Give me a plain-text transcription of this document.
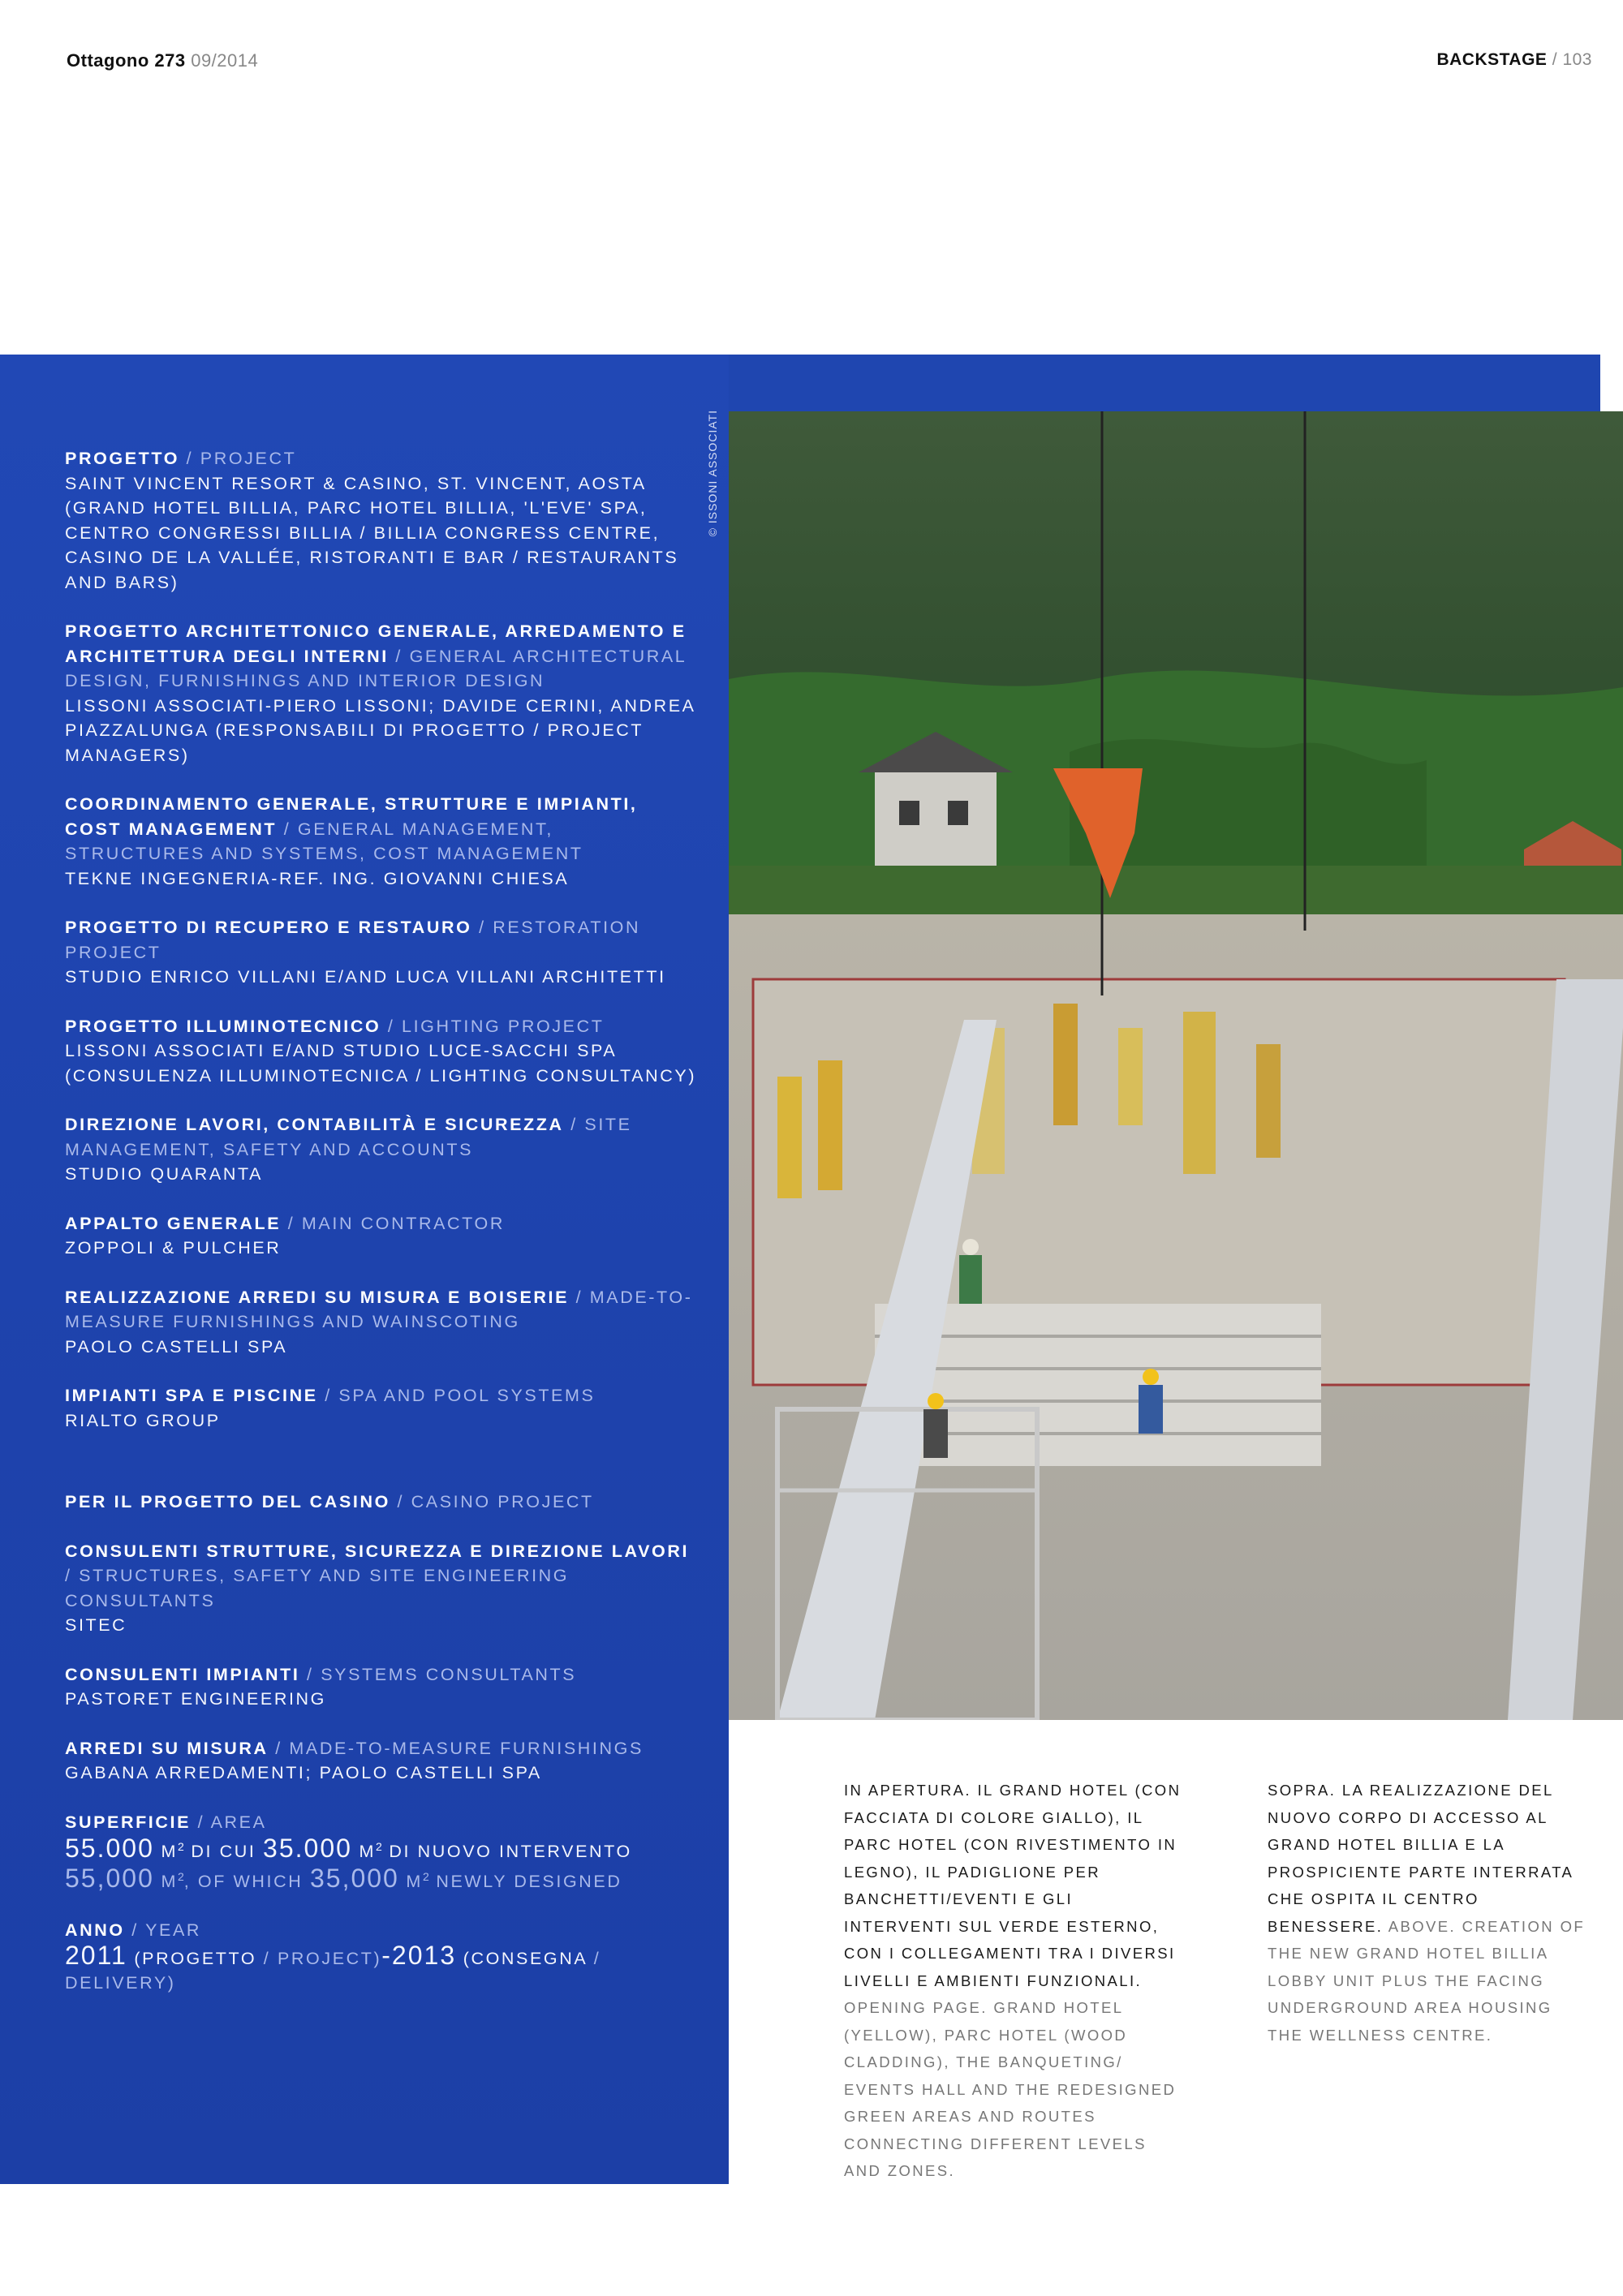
Ottagono 273 09/2014	BACKSTAGE / 103
© ISSONI ASSOCIATI

PROGETTO / PROJECT

SAINT VINCENT RESORT & CASINO, ST. VINCENT, AOSTA (GRAND HOTEL BILLIA, PARC HOTEL BILLIA, 'L'EVE' SPA, CENTRO CONGRESSI BILLIA / BILLIA CONGRESS CENTRE, CASINO DE LA VALLÉE, RISTORANTI E BAR / RESTAURANTS AND BARS)

PROGETTO ARCHITETTONICO GENERALE, ARREDAMENTO E ARCHITETTURA DEGLI INTERNI / GENERAL ARCHITECTURAL DESIGN, FURNISHINGS AND INTERIOR DESIGN

LISSONI ASSOCIATI-PIERO LISSONI; DAVIDE CERINI, ANDREA PIAZZALUNGA (RESPONSABILI DI PROGETTO / PROJECT MANAGERS)

COORDINAMENTO GENERALE, STRUTTURE E IMPIANTI, COST MANAGEMENT / GENERAL MANAGEMENT, STRUCTURES AND SYSTEMS, COST MANAGEMENT

TEKNE INGEGNERIA-REF. ING. GIOVANNI CHIESA

PROGETTO DI RECUPERO E RESTAURO / RESTORATION PROJECT

STUDIO ENRICO VILLANI E/AND LUCA VILLANI ARCHITETTI

PROGETTO ILLUMINOTECNICO / LIGHTING PROJECT

LISSONI ASSOCIATI E/AND STUDIO LUCE-SACCHI SPA (CONSULENZA ILLUMINOTECNICA / LIGHTING CONSULTANCY)

DIREZIONE LAVORI, CONTABILITÀ E SICUREZZA / SITE MANAGEMENT, SAFETY AND ACCOUNTS

STUDIO QUARANTA

APPALTO GENERALE / MAIN CONTRACTOR

ZOPPOLI & PULCHER

REALIZZAZIONE ARREDI SU MISURA E BOISERIE / MADE-TO-MEASURE FURNISHINGS AND WAINSCOTING

PAOLO CASTELLI SPA

IMPIANTI SPA E PISCINE / SPA AND POOL SYSTEMS

RIALTO GROUP

PER IL PROGETTO DEL CASINO / CASINO PROJECT

CONSULENTI STRUTTURE, SICUREZZA E DIREZIONE LAVORI / STRUCTURES, SAFETY AND SITE ENGINEERING CONSULTANTS

SITEC

CONSULENTI IMPIANTI / SYSTEMS CONSULTANTS

PASTORET ENGINEERING

ARREDI SU MISURA / MADE-TO-MEASURE FURNISHINGS

GABANA ARREDAMENTI; PAOLO CASTELLI SPA

SUPERFICIE / AREA

55.000 $M^2$ DI CUI 35.000 $M^2$ DI NUOVO INTERVENTO

55,000 $M^2$, OF WHICH 35,000 $M^2$ NEWLY DESIGNED

ANNO / YEAR

2011 (PROGETTO / PROJECT)-2013 (CONSEGNA / DELIVERY)

IN APERTURA. IL GRAND HOTEL (CON FACCIATA DI COLORE GIALLO), IL PARC HOTEL (CON RIVESTIMENTO IN LEGNO), IL PADIGLIONE PER BANCHETTI/EVENTI E GLI INTERVENTI SUL VERDE ESTERNO, CON I COLLEGAMENTI TRA I DIVERSI LIVELLI E AMBIENTI FUNZIONALI. OPENING PAGE. GRAND HOTEL (YELLOW), PARC HOTEL (WOOD CLADDING), THE BANQUETING/ EVENTS HALL AND THE REDESIGNED GREEN AREAS AND ROUTES CONNECTING DIFFERENT LEVELS AND ZONES.
SOPRA. LA REALIZZAZIONE DEL NUOVO CORPO DI ACCESSO AL GRAND HOTEL BILLIA E LA PROSPICIENTE PARTE INTERRATA CHE OSPITA IL CENTRO BENESSERE. ABOVE. CREATION OF THE NEW GRAND HOTEL BILLIA LOBBY UNIT PLUS THE FACING UNDERGROUND AREA HOUSING THE WELLNESS CENTRE.
